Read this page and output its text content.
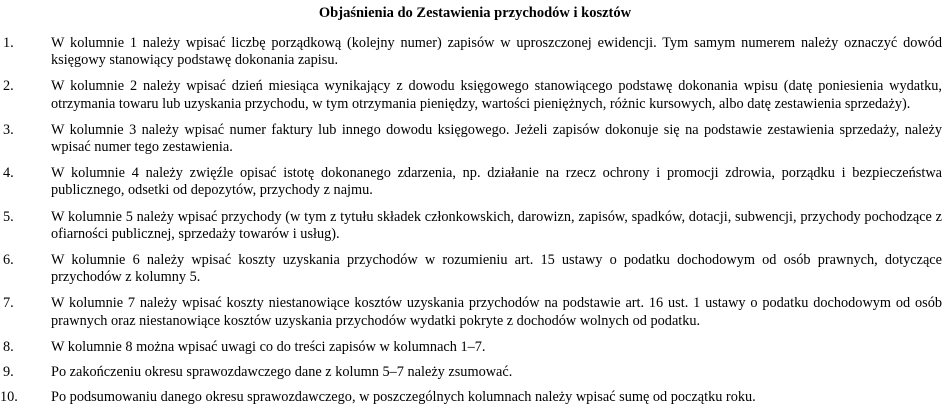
Objaśnienia do Zestawienia przychodów i kosztów
1.	W kolumnie 1 należy wpisać liczbę porządkową (kolejny numer) zapisów w uproszczonej ewidencji. Tym samym numerem należy oznaczyć dowód księgowy stanowiący podstawę dokonania zapisu.
2.	W kolumnie 2 należy wpisać dzień miesiąca wynikający z dowodu księgowego stanowiącego podstawę dokonania wpisu (datę poniesienia wydatku, otrzymania towaru lub uzyskania przychodu, w tym otrzymania pieniędzy, wartości pieniężnych, różnic kursowych, albo datę zestawienia sprzedaży).
3.	W kolumnie 3 należy wpisać numer faktury lub innego dowodu księgowego. Jeżeli zapisów dokonuje się na podstawie zestawienia sprzedaży, należy wpisać numer tego zestawienia.
4.	W kolumnie 4 należy zwięźle opisać istotę dokonanego zdarzenia, np. działanie na rzecz ochrony i promocji zdrowia, porządku i bezpieczeństwa publicznego, odsetki od depozytów, przychody z najmu.
5.	W kolumnie 5 należy wpisać przychody (w tym z tytułu składek członkowskich, darowizn, zapisów, spadków, dotacji, subwencji, przychody pochodzące z ofiarności publicznej, sprzedaży towarów i usług).
6.	W kolumnie 6 należy wpisać koszty uzyskania przychodów w rozumieniu art. 15 ustawy o podatku dochodowym od osób prawnych, dotyczące przychodów z kolumny 5.
7.	W kolumnie 7 należy wpisać koszty niestanowiące kosztów uzyskania przychodów na podstawie art. 16 ust. 1 ustawy o podatku dochodowym od osób prawnych oraz niestanowiące kosztów uzyskania przychodów wydatki pokryte z dochodów wolnych od podatku.
8.	W kolumnie 8 można wpisać uwagi co do treści zapisów w kolumnach 1–7.
9.	Po zakończeniu okresu sprawozdawczego dane z kolumn 5–7 należy zsumować.
10.	Po podsumowaniu danego okresu sprawozdawczego, w poszczególnych kolumnach należy wpisać sumę od początku roku.
